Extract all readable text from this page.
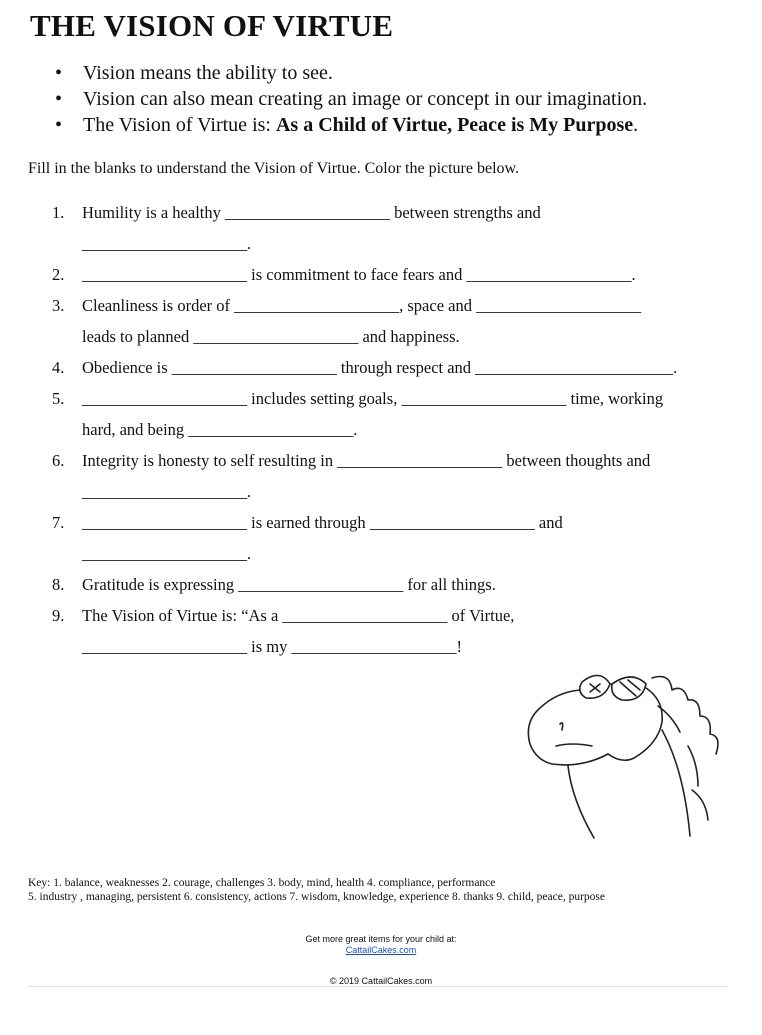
THE VISION OF VIRTUE
• Vision means the ability to see.
• Vision can also mean creating an image or concept in our imagination.
• The Vision of Virtue is: As a Child of Virtue, Peace is My Purpose.
Fill in the blanks to understand the Vision of Virtue. Color the picture below.
1.	Humility is a healthy ____________________ between strengths and
____________________.
2.	____________________ is commitment to face fears and ____________________.
3.	Cleanliness is order of ____________________, space and ____________________
leads to planned ____________________ and happiness.
4.	Obedience is ____________________ through respect and ________________________.
5.	____________________ includes setting goals, ____________________ time, working
hard, and being ____________________.
6.	Integrity is honesty to self resulting in ____________________ between thoughts and
____________________.
7.	____________________ is earned through ____________________ and
____________________.
8.	Gratitude is expressing ____________________ for all things.
9.	The Vision of Virtue is: “As a ____________________ of Virtue,
____________________ is my ____________________!
Key: 1. balance, weaknesses 2. courage, challenges 3. body, mind, health 4. compliance, performance
5. industry , managing, persistent 6. consistency, actions 7. wisdom, knowledge, experience 8. thanks 9. child, peace, purpose
Get more great items for your child at:
CattailCakes.com
© 2019 CattailCakes.com
